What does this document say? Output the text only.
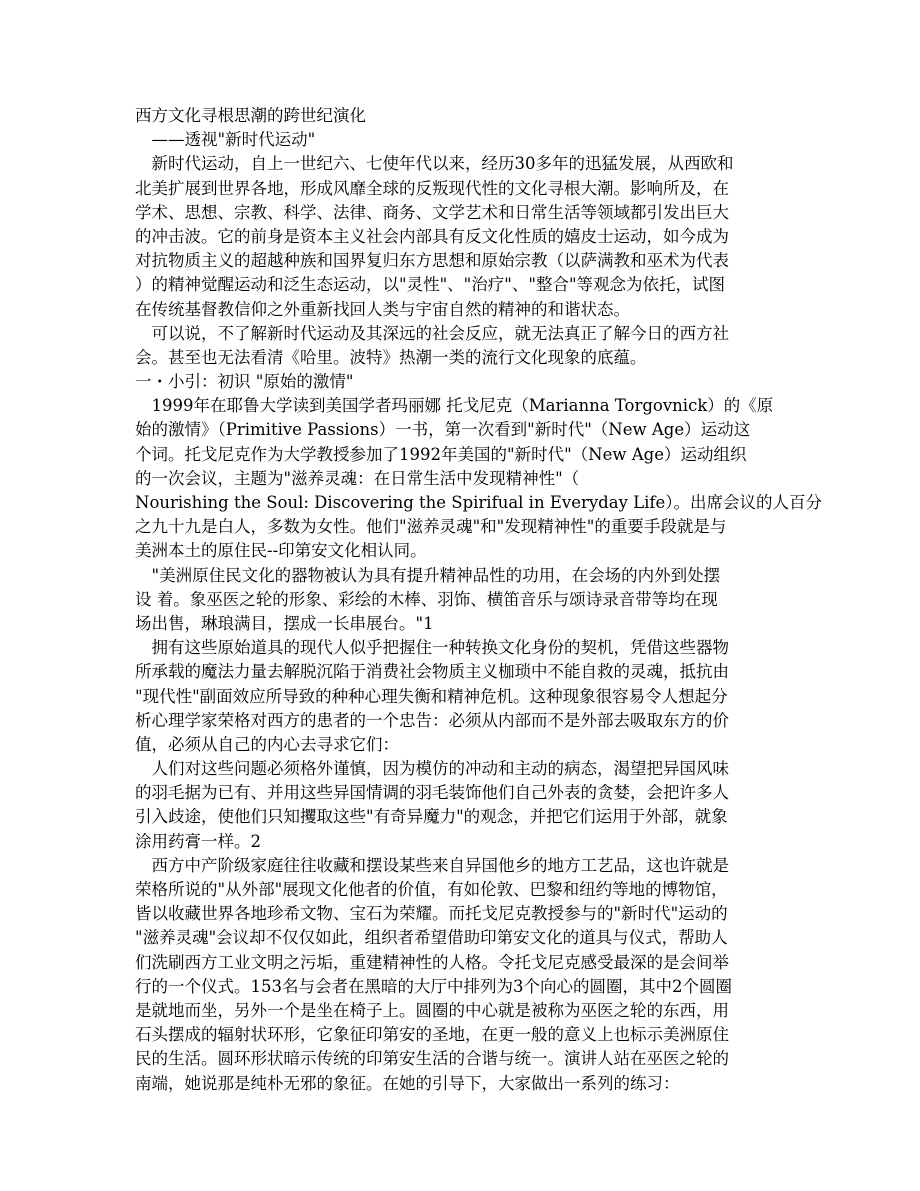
西方文化寻根思潮的跨世纪演化
　——透视"新时代运动"
　新时代运动，自上一世纪六、七使年代以来，经历30多年的迅猛发展，从西欧和
北美扩展到世界各地，形成风靡全球的反叛现代性的文化寻根大潮。影响所及，在
学术、思想、宗教、科学、法律、商务、文学艺术和日常生活等领域都引发出巨大
的冲击波。它的前身是资本主义社会内部具有反文化性质的嬉皮士运动，如今成为
对抗物质主义的超越种族和国界复归东方思想和原始宗教（以萨满教和巫术为代表
）的精神觉醒运动和泛生态运动，以"灵性"、"治疗"、"整合"等观念为依托，试图
在传统基督教信仰之外重新找回人类与宇宙自然的精神的和谐状态。
　可以说，不了解新时代运动及其深远的社会反应，就无法真正了解今日的西方社
会。甚至也无法看清《哈里。波特》热潮一类的流行文化现象的底蕴。
一・小引：初识 "原始的激情"
　1999年在耶鲁大学读到美国学者玛丽娜 托戈尼克（Marianna Torgovnick）的《原
始的激情》（Primitive Passions）一书，第一次看到"新时代"（New Age）运动这
个词。托戈尼克作为大学教授参加了1992年美国的"新时代"（New Age）运动组织
的一次会议，主题为"滋养灵魂：在日常生活中发现精神性"（
Nourishing the Soul: Discovering the Spirifual in Everyday Life）。出席会议的人百分
之九十九是白人，多数为女性。他们"滋养灵魂"和"发现精神性"的重要手段就是与
美洲本土的原住民--印第安文化相认同。
　"美洲原住民文化的器物被认为具有提升精神品性的功用，在会场的内外到处摆
设 着。象巫医之轮的形象、彩绘的木棒、羽饰、横笛音乐与颂诗录音带等均在现
场出售，琳琅满目，摆成一长串展台。"1
　拥有这些原始道具的现代人似乎把握住一种转换文化身份的契机，凭借这些器物
所承载的魔法力量去解脱沉陷于消费社会物质主义枷琐中不能自救的灵魂，抵抗由
"现代性"副面效应所导致的种种心理失衡和精神危机。这种现象很容易令人想起分
析心理学家荣格对西方的患者的一个忠告：必须从内部而不是外部去吸取东方的价
值，必须从自己的内心去寻求它们：
　人们对这些问题必须格外谨慎，因为模仿的冲动和主动的病态，渴望把异国风味
的羽毛据为已有、并用这些异国情调的羽毛装饰他们自己外表的贪婪，会把许多人
引入歧途，使他们只知攫取这些"有奇异魔力"的观念，并把它们运用于外部，就象
涂用药膏一样。2
　西方中产阶级家庭往往收藏和摆设某些来自异国他乡的地方工艺品，这也许就是
荣格所说的"从外部"展现文化他者的价值，有如伦敦、巴黎和纽约等地的博物馆，
皆以收藏世界各地珍希文物、宝石为荣耀。而托戈尼克教授参与的"新时代"运动的
"滋养灵魂"会议却不仅仅如此，组织者希望借助印第安文化的道具与仪式，帮助人
们洗刷西方工业文明之污垢，重建精神性的人格。令托戈尼克感受最深的是会间举
行的一个仪式。153名与会者在黑暗的大厅中排列为3个向心的圆圈，其中2个圆圈
是就地而坐，另外一个是坐在椅子上。圆圈的中心就是被称为巫医之轮的东西，用
石头摆成的辐射状环形，它象征印第安的圣地，在更一般的意义上也标示美洲原住
民的生活。圆环形状暗示传统的印第安生活的合谐与统一。演讲人站在巫医之轮的
南端，她说那是纯朴无邪的象征。在她的引导下，大家做出一系列的练习：
